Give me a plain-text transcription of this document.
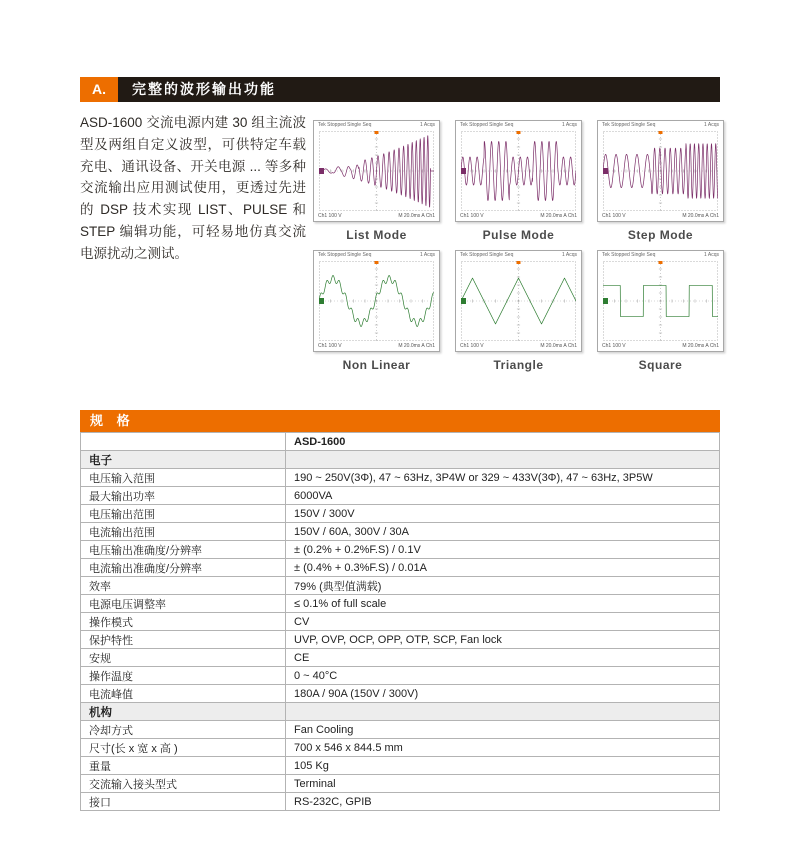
A.	完整的波形输出功能

ASD-1600 交流电源内建 30 组主流波型及两组自定义波型，可供特定车载充电、通讯设备、开关电源 ... 等多种交流输出应用测试使用，更透过先进的 DSP 技术实现 LIST、PULSE 和 STEP 编辑功能，可轻易地仿真交流电源扰动之测试。

Tek Stopped Single Seq	1 Acqs
Ch1 100 V	M 20.0ms A Ch1
List Mode
Tek Stopped Single Seq	1 Acqs
Ch1 100 V	M 20.0ms A Ch1
Pulse Mode
Tek Stopped Single Seq	1 Acqs
Ch1 100 V	M 20.0ms A Ch1
Step Mode
Tek Stopped Single Seq	1 Acqs
Ch1 100 V	M 20.0ms A Ch1
Non Linear
Tek Stopped Single Seq	1 Acqs
Ch1 100 V	M 20.0ms A Ch1
Triangle
Tek Stopped Single Seq	1 Acqs
Ch1 100 V	M 20.0ms A Ch1
Square
规 格
	ASD-1600
电子	
电压输入范围	190 ~ 250V(3Φ), 47 ~ 63Hz, 3P4W or 329 ~ 433V(3Φ), 47 ~ 63Hz, 3P5W
最大输出功率	6000VA
电压输出范围	150V / 300V
电流输出范围	150V / 60A, 300V / 30A
电压输出准确度/分辨率	± (0.2% + 0.2%F.S) / 0.1V
电流输出准确度/分辨率	± (0.4% + 0.3%F.S) / 0.01A
效率	79% (典型值满载)
电源电压调整率	≤ 0.1% of full scale
操作模式	CV
保护特性	UVP, OVP, OCP, OPP, OTP, SCP, Fan lock
安规	CE
操作温度	0 ~ 40°C
电流峰值	180A / 90A (150V / 300V)
机构	
冷却方式	Fan Cooling
尺寸(长 x 宽 x 高 )	700 x 546 x 844.5 mm
重量	105 Kg
交流输入接头型式	Terminal
接口	RS-232C, GPIB
